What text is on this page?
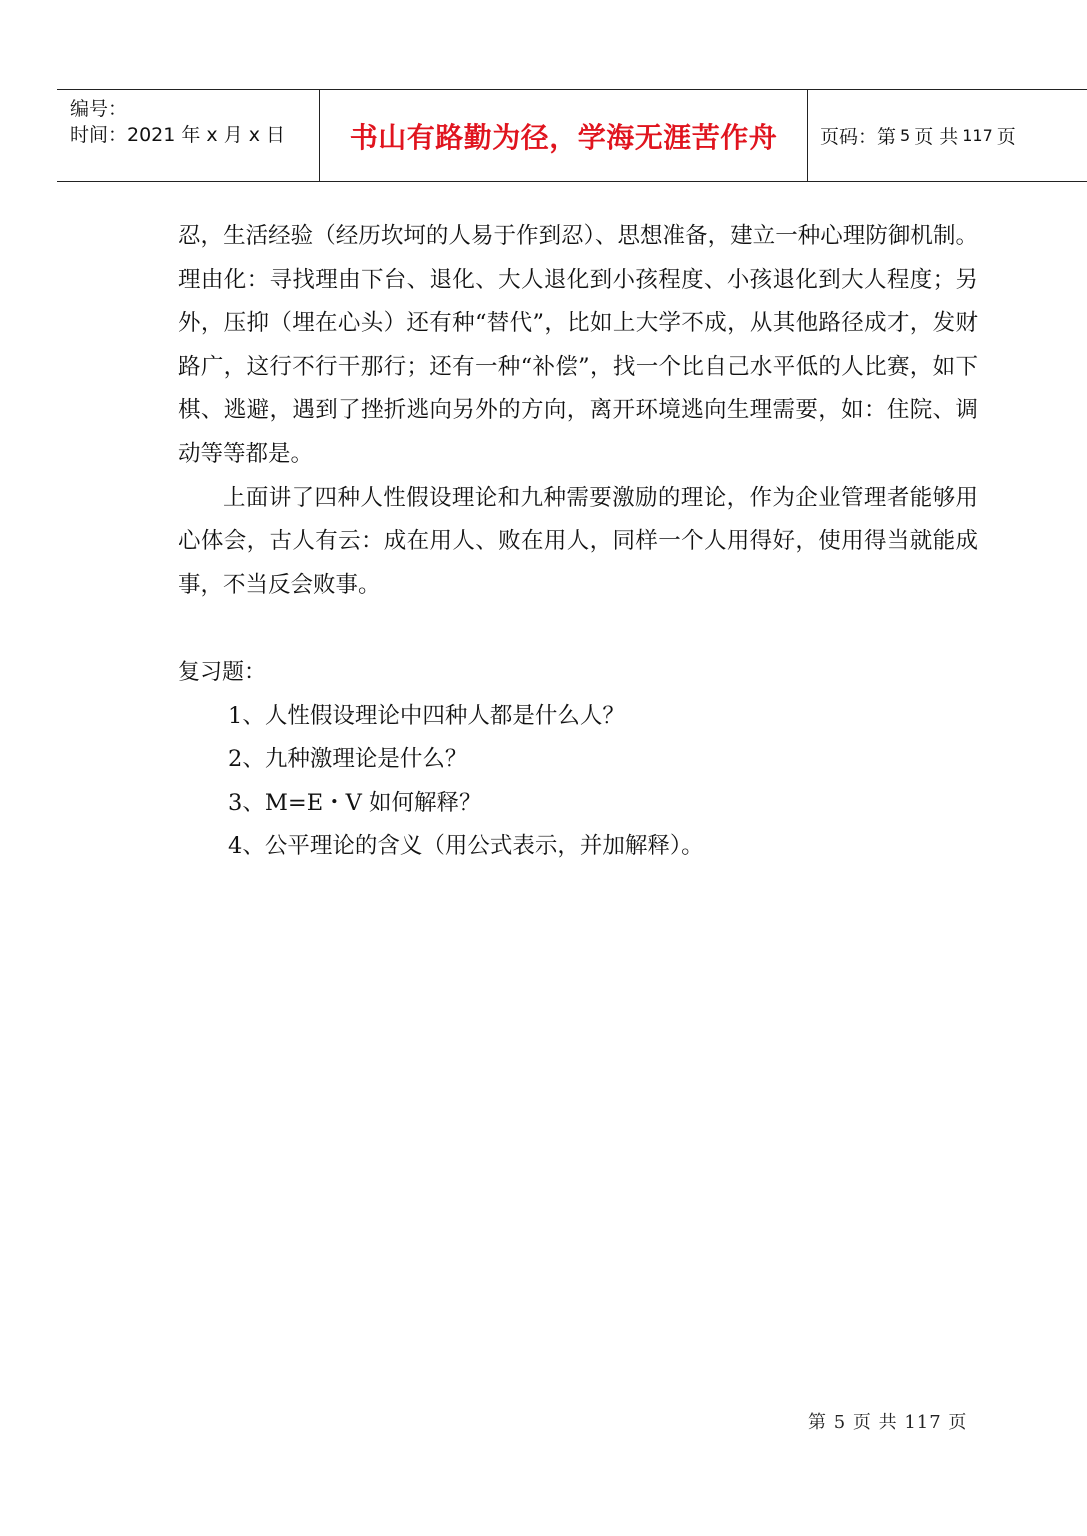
编号：
时间：2021 年 x 月 x 日 书山有路勤为径，学海无涯苦作舟 页码：第 5 页 共 117 页

忍，生活经验（经历坎坷的人易于作到忍）、思想准备，建立一种心理防御机制。理由化：寻找理由下台、退化、大人退化到小孩程度、小孩退化到大人程度；另外，压抑（埋在心头）还有种“替代”，比如上大学不成，从其他路径成才，发财路广，这行不行干那行；还有一种“补偿”，找一个比自己水平低的人比赛，如下棋、逃避，遇到了挫折逃向另外的方向，离开环境逃向生理需要，如：住院、调动等等都是。

上面讲了四种人性假设理论和九种需要激励的理论，作为企业管理者能够用心体会，古人有云：成在用人、败在用人，同样一个人用得好，使用得当就能成事，不当反会败事。

复习题：
1、人性假设理论中四种人都是什么人？
2、九种激理论是什么？
3、M=E・V 如何解释？
4、公平理论的含义（用公式表示，并加解释）。
第 5 页 共 117 页
